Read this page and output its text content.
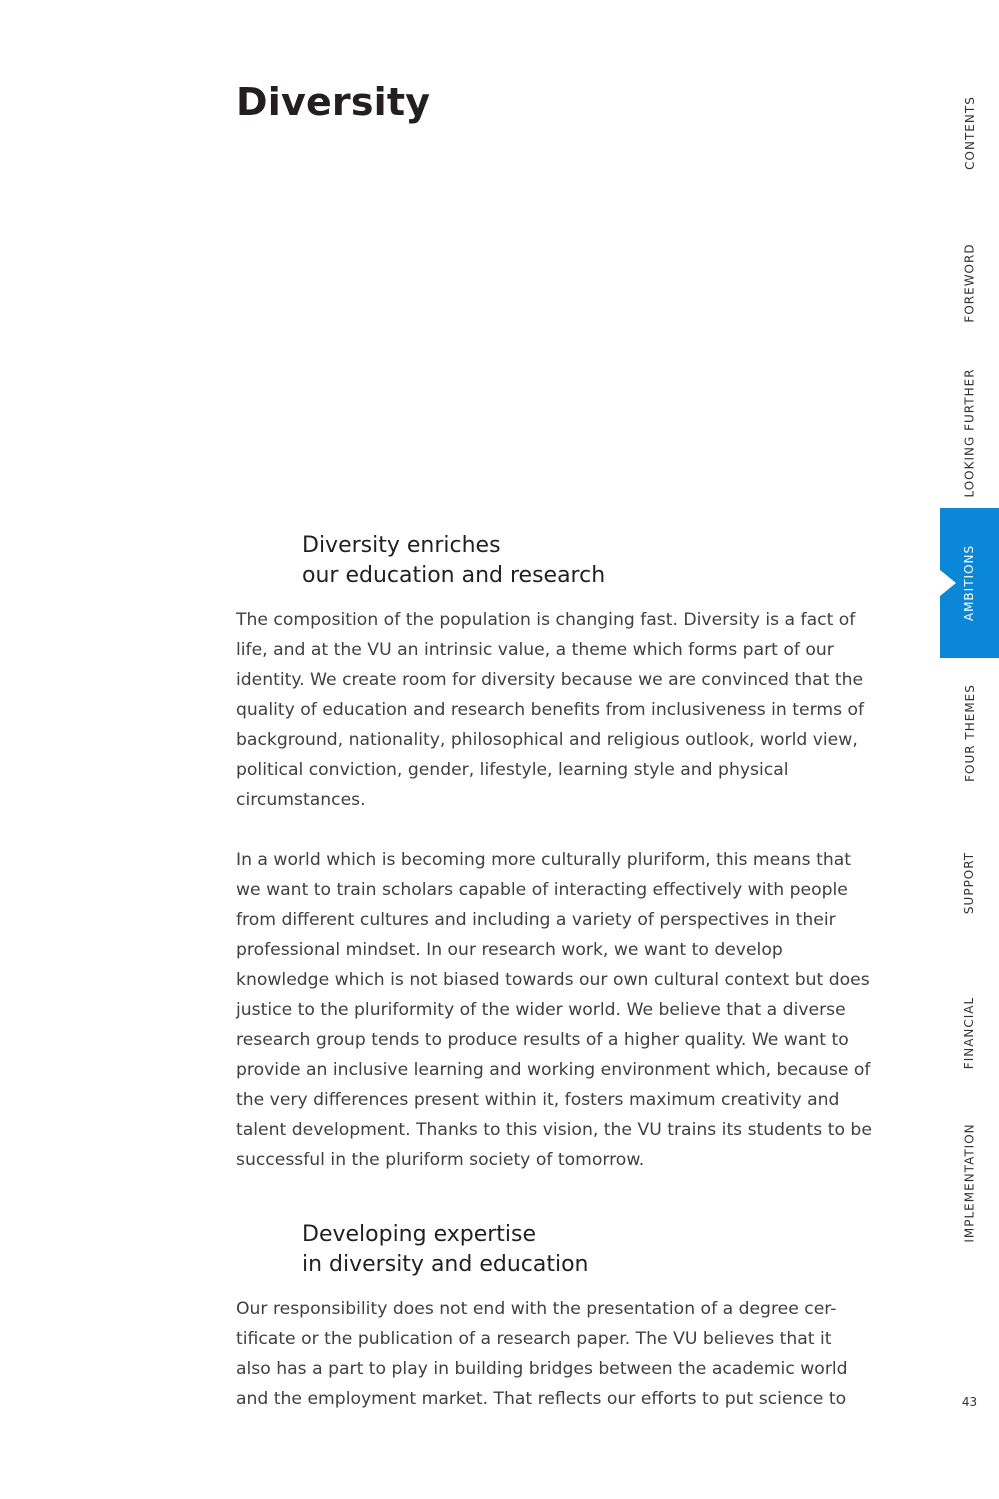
Diversity
Diversity enriches
our education and research

The composition of the population is changing fast. Diversity is a fact of
life, and at the VU an intrinsic value, a theme which forms part of our
identity. We create room for diversity because we are convinced that the
quality of education and research benefits from inclusiveness in terms of
background, nationality, philosophical and religious outlook, world view,
political conviction, gender, lifestyle, learning style and physical
circumstances.

In a world which is becoming more culturally pluriform, this means that
we want to train scholars capable of interacting effectively with people
from different cultures and including a variety of perspectives in their
professional mindset. In our research work, we want to develop
knowledge which is not biased towards our own cultural context but does
justice to the pluriformity of the wider world. We believe that a diverse
research group tends to produce results of a higher quality. We want to
provide an inclusive learning and working environment which, because of
the very differences present within it, fosters maximum creativity and
talent development. Thanks to this vision, the VU trains its students to be
successful in the pluriform society of tomorrow.

Developing expertise
in diversity and education

Our responsibility does not end with the presentation of a degree cer-
tificate or the publication of a research paper. The VU believes that it
also has a part to play in building bridges between the academic world
and the employment market. That reflects our efforts to put science to

CONTENTS
FOREWORD
LOOKING FURTHER
AMBITIONS
FOUR THEMES
SUPPORT
FINANCIAL
IMPLEMENTATION
43
